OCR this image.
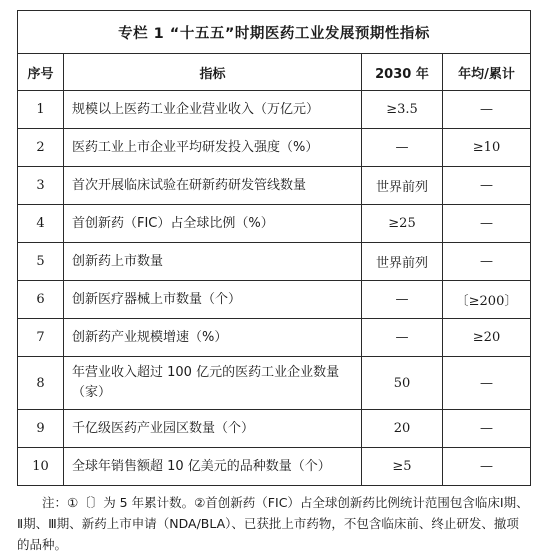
专栏 1 “十五五”时期医药工业发展预期性指标			
序号	指标	2030 年	年均/累计
1	规模以上医药工业企业营业收入（万亿元）	≥3.5	—
2	医药工业上市企业平均研发投入强度（%）	—	≥10
3	首次开展临床试验在研新药研发管线数量	世界前列	—
4	首创新药（FIC）占全球比例（%）	≥25	—
5	创新药上市数量	世界前列	—
6	创新医疗器械上市数量（个）	—	〔≥200〕
7	创新药产业规模增速（%）	—	≥20
8	年营业收入超过 100 亿元的医药工业企业数量（家）	50	—
9	千亿级医药产业园区数量（个）	20	—
10	全球年销售额超 10 亿美元的品种数量（个）	≥5	—
注：①〔〕为 5 年累计数。②首创新药（FIC）占全球创新药比例统计范围包含临床Ⅰ期、Ⅱ期、Ⅲ期、新药上市申请（NDA/BLA）、已获批上市药物，不包含临床前、终止研发、撤项的品种。
